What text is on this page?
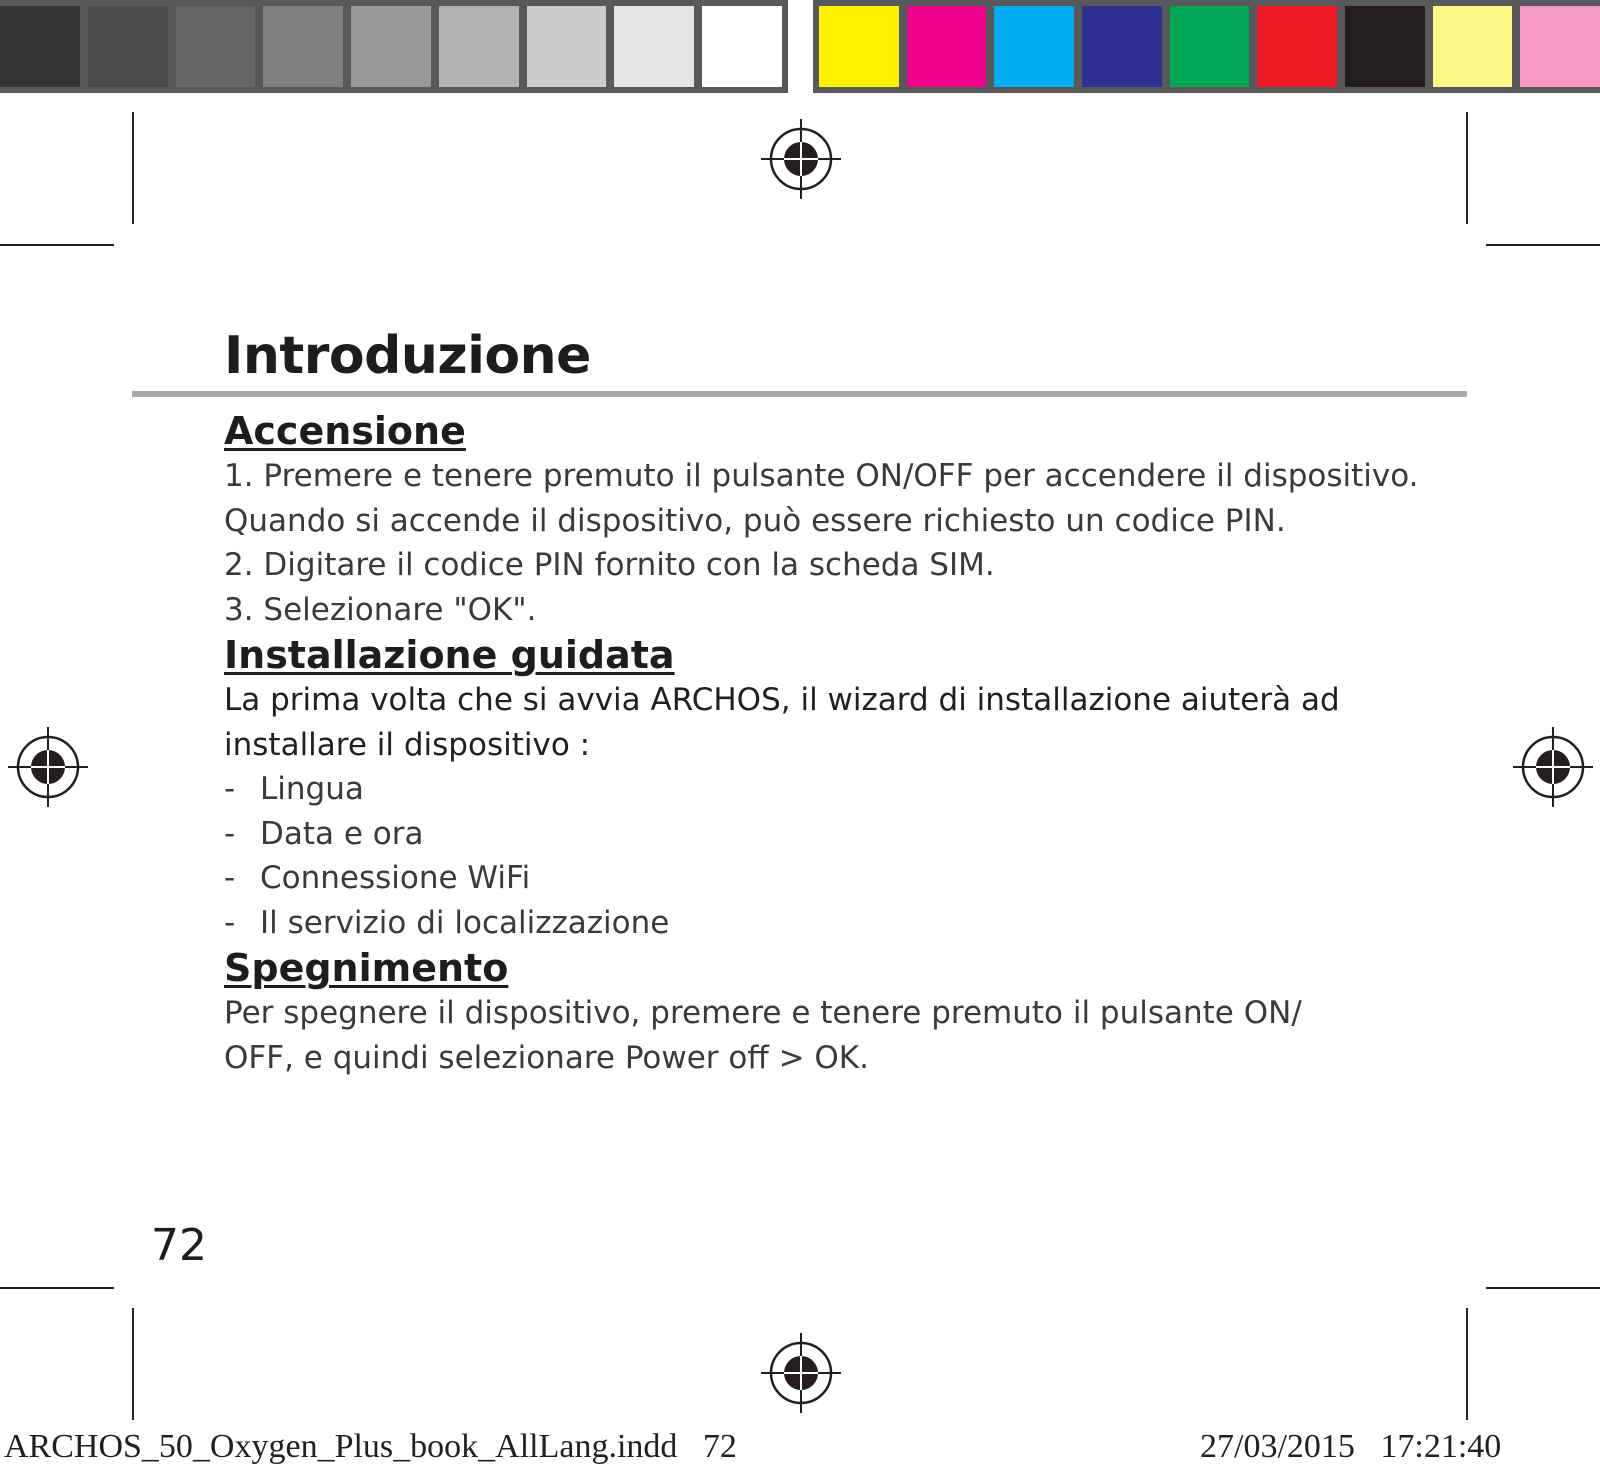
Introduzione
Accensione

1. Premere e tenere premuto il pulsante ON/OFF per accendere il dispositivo.

Quando si accende il dispositivo, può essere richiesto un codice PIN.

2. Digitare il codice PIN fornito con la scheda SIM.

3. Selezionare "OK".

Installazione guidata

La prima volta che si avvia ARCHOS, il wizard di installazione aiuterà ad

installare il dispositivo :

- Lingua
- Data e ora
- Connessione WiFi
- Il servizio di localizzazione
Spegnimento

Per spegnere il dispositivo, premere e tenere premuto il pulsante ON/

OFF, e quindi selezionare Power off > OK.

72
ARCHOS_50_Oxygen_Plus_book_AllLang.indd   72	27/03/2015   17:21:40
